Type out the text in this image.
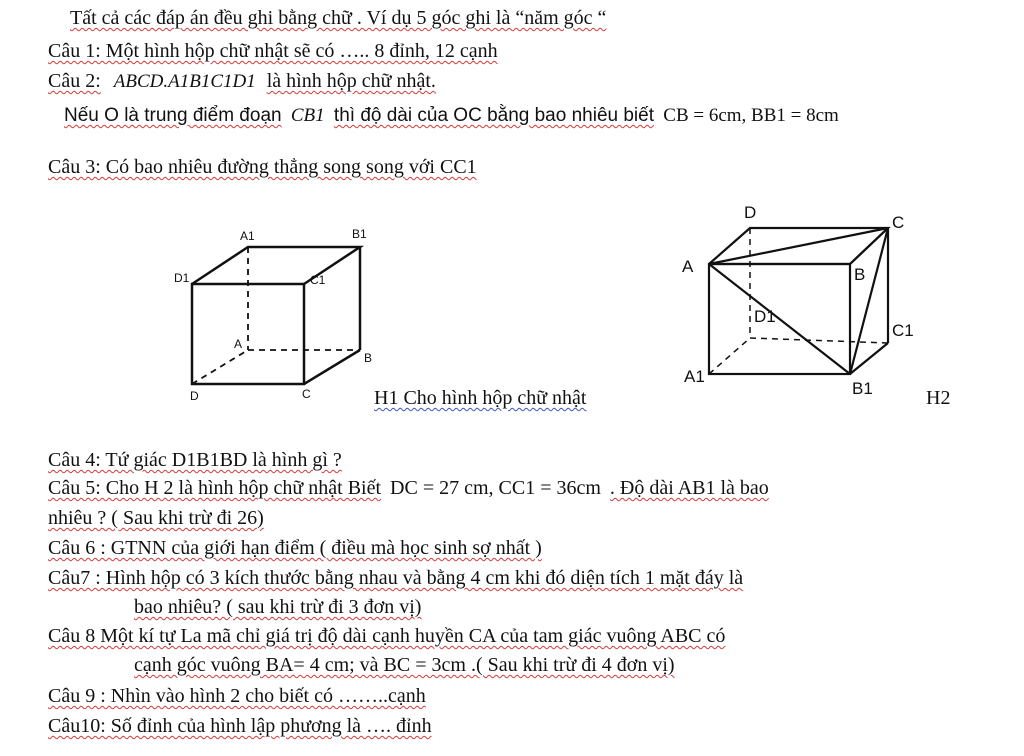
Tất cả các đáp án đều ghi bằng chữ . Ví dụ 5 góc ghi là “năm góc “
Câu 1: Một hình hộp chữ nhật sẽ có ….. 8 đỉnh, 12 cạnh
Câu 2: ABCD.A1B1C1D1 là hình hộp chữ nhật.
Nếu O là trung điểm đoạn CB1 thì độ dài của OC bằng bao nhiêu biết CB = 6cm, BB1 = 8cm
Câu 3: Có bao nhiêu đường thẳng song song với CC1
A1	B1
D1	C1
A
B
D	C	H1 Cho hình hộp chữ nhật
D
C
A	B
D1
C1
A1
B1	H2
Câu 4: Tứ giác D1B1BD là hình gì ?
Câu 5: Cho H 2 là hình hộp chữ nhật Biết DC = 27 cm, CC1 = 36cm . Độ dài AB1 là bao
nhiêu ? ( Sau khi trừ đi 26)
Câu 6 : GTNN của giới hạn điểm ( điều mà học sinh sợ nhất )
Câu7 : Hình hộp có 3 kích thước bằng nhau và bằng 4 cm khi đó diện tích 1 mặt đáy là
bao nhiêu? ( sau khi trừ đi 3 đơn vị)
Câu 8 Một kí tự La mã chỉ giá trị độ dài cạnh huyền CA của tam giác vuông ABC có
cạnh góc vuông BA= 4 cm; và BC = 3cm .( Sau khi trừ đi 4 đơn vị)
Câu 9 : Nhìn vào hình 2 cho biết có ……..cạnh
Câu10: Số đỉnh của hình lập phương là …. đỉnh
